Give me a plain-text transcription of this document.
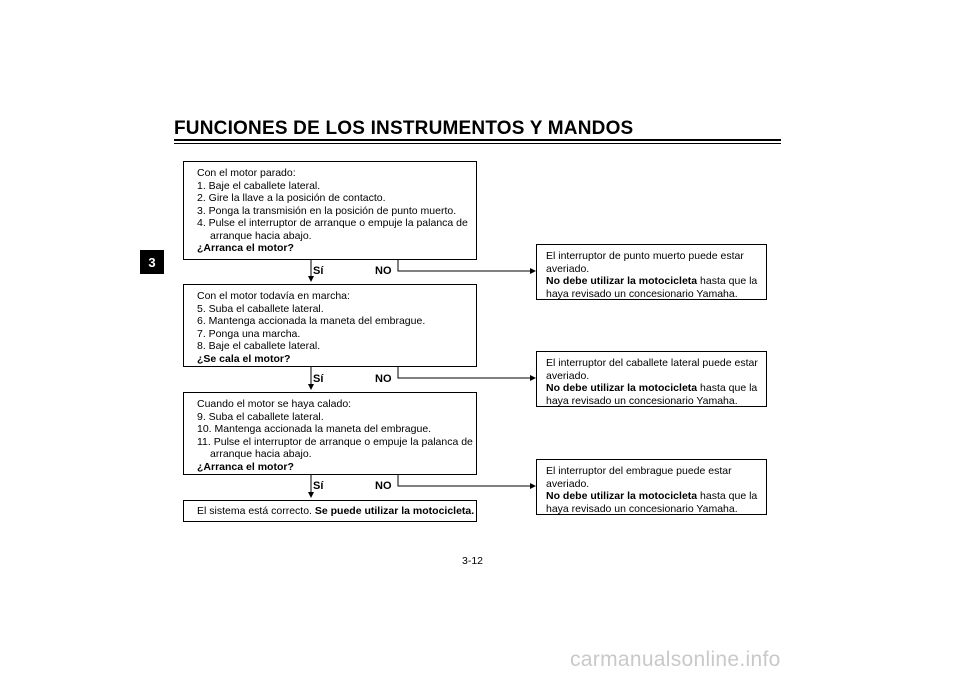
FUNCIONES DE LOS INSTRUMENTOS Y MANDOS
3
Con el motor parado:
1. Baje el caballete lateral.
2. Gire la llave a la posición de contacto.
3. Ponga la transmisión en la posición de punto muerto.
4. Pulse el interruptor de arranque o empuje la palanca de
arranque hacia abajo.
¿Arranca el motor?
Con el motor todavía en marcha:
5. Suba el caballete lateral.
6. Mantenga accionada la maneta del embrague.
7. Ponga una marcha.
8. Baje el caballete lateral.
¿Se cala el motor?
Cuando el motor se haya calado:
9. Suba el caballete lateral.
10. Mantenga accionada la maneta del embrague.
11. Pulse el interruptor de arranque o empuje la palanca de
arranque hacia abajo.
¿Arranca el motor?
El sistema está correcto. Se puede utilizar la motocicleta.
Sí	NO
Sí	NO
Sí	NO
El interruptor de punto muerto puede estar
averiado.
No debe utilizar la motocicleta hasta que la
haya revisado un concesionario Yamaha.
El interruptor del caballete lateral puede estar
averiado.
No debe utilizar la motocicleta hasta que la
haya revisado un concesionario Yamaha.
El interruptor del embrague puede estar
averiado.
No debe utilizar la motocicleta hasta que la
haya revisado un concesionario Yamaha.
3-12
carmanualsonline.info
